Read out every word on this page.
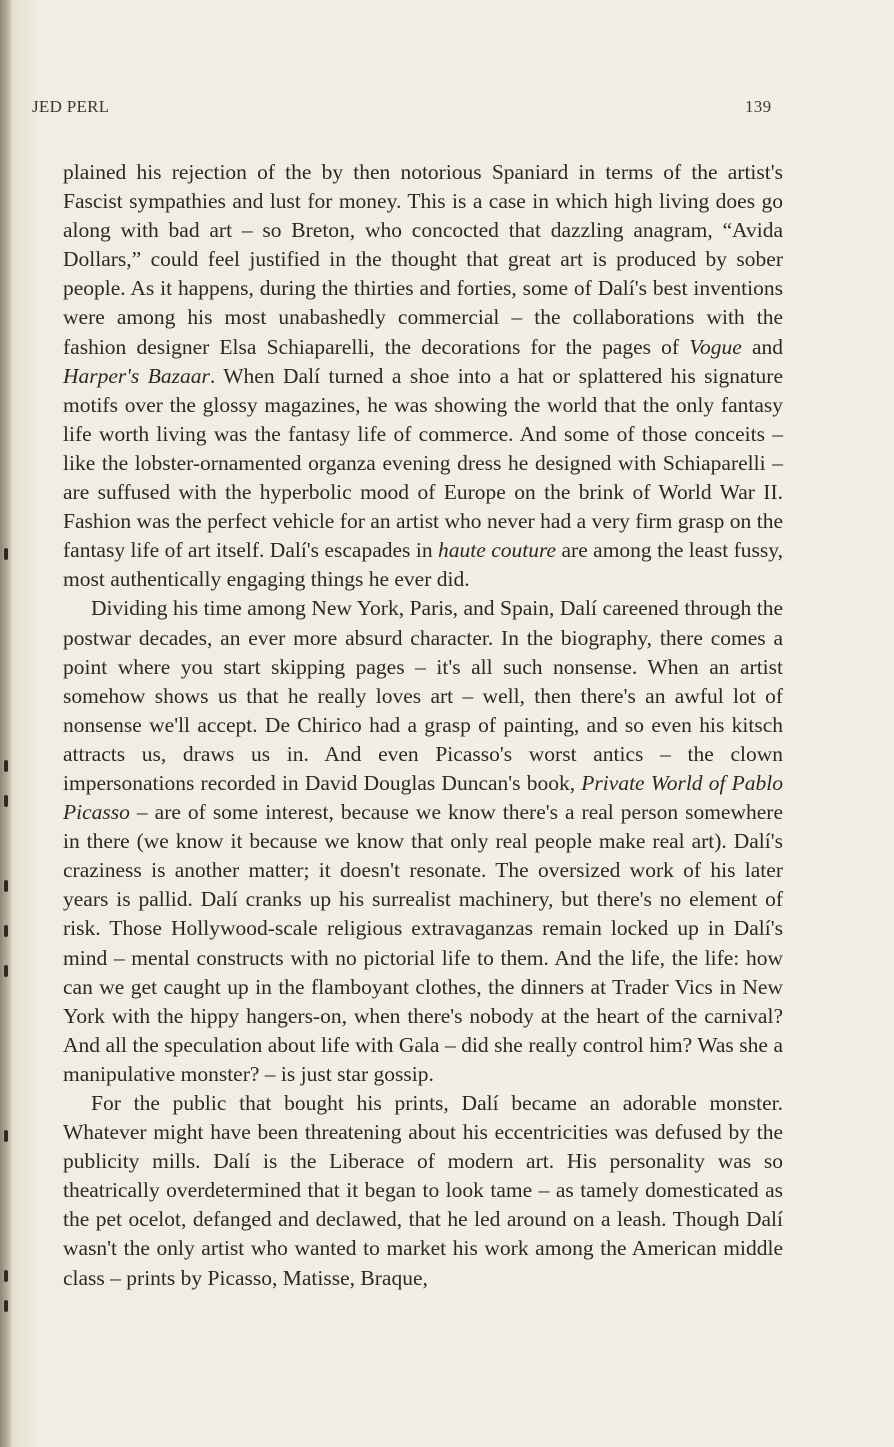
JED PERL	139

plained his rejection of the by then notorious Spaniard in terms of the artist's Fascist sympathies and lust for money. This is a case in which high living does go along with bad art – so Breton, who concocted that dazzling anagram, “Avida Dollars,” could feel justified in the thought that great art is produced by sober people. As it happens, during the thirties and forties, some of Dalí's best inventions were among his most unabashedly commercial – the collaborations with the fashion designer Elsa Schiaparelli, the decorations for the pages of Vogue and Harper's Bazaar. When Dalí turned a shoe into a hat or splattered his signature motifs over the glossy magazines, he was showing the world that the only fantasy life worth living was the fantasy life of commerce. And some of those conceits – like the lobster-ornamented organza evening dress he designed with Schiaparelli – are suffused with the hyperbolic mood of Europe on the brink of World War II. Fashion was the perfect vehicle for an artist who never had a very firm grasp on the fantasy life of art itself. Dalí's escapades in haute couture are among the least fussy, most authentically engaging things he ever did.

Dividing his time among New York, Paris, and Spain, Dalí careened through the postwar decades, an ever more absurd character. In the biography, there comes a point where you start skipping pages – it's all such nonsense. When an artist somehow shows us that he really loves art – well, then there's an awful lot of nonsense we'll accept. De Chirico had a grasp of painting, and so even his kitsch attracts us, draws us in. And even Picasso's worst antics – the clown impersonations recorded in David Douglas Duncan's book, Private World of Pablo Picasso – are of some interest, because we know there's a real person somewhere in there (we know it because we know that only real people make real art). Dalí's craziness is another matter; it doesn't resonate. The oversized work of his later years is pallid. Dalí cranks up his surrealist machinery, but there's no element of risk. Those Hollywood-scale religious extravaganzas remain locked up in Dalí's mind – mental constructs with no pictorial life to them. And the life, the life: how can we get caught up in the flamboyant clothes, the dinners at Trader Vics in New York with the hippy hangers-on, when there's nobody at the heart of the carnival? And all the speculation about life with Gala – did she really control him? Was she a manipulative monster? – is just star gossip.

For the public that bought his prints, Dalí became an adorable monster. Whatever might have been threatening about his eccentricities was defused by the publicity mills. Dalí is the Liberace of modern art. His personality was so theatrically overdetermined that it began to look tame – as tamely domesticated as the pet ocelot, defanged and declawed, that he led around on a leash. Though Dalí wasn't the only artist who wanted to market his work among the American middle class – prints by Picasso, Matisse, Braque,
